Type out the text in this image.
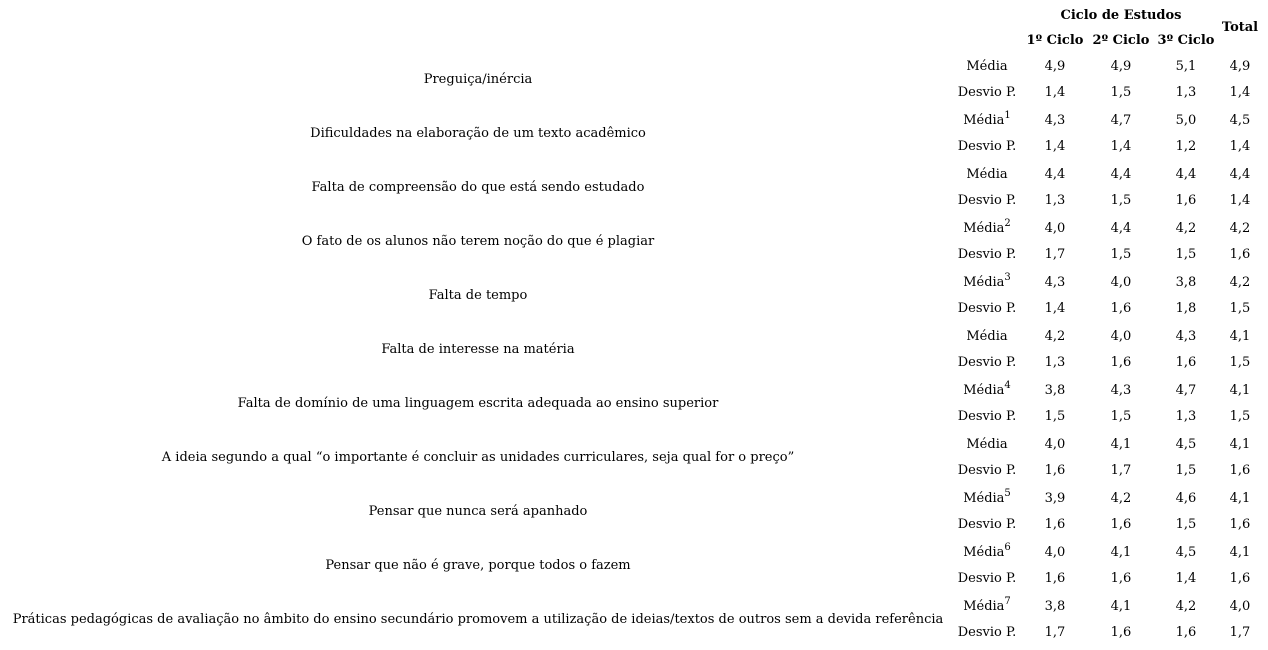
Ciclo de Estudos
1º Ciclo 2º Ciclo 3º Ciclo
Total
Preguiça/inércia
Média
Desvio P.
4,9
1,4
4,9
1,5
5,1
1,3
4,9
1,4
Dificuldades na elaboração de um texto acadêmico
Média$^1$
Desvio P.
4,3
1,4
4,7
1,4
5,0
1,2
4,5
1,4
Falta de compreensão do que está sendo estudado
Média
Desvio P.
4,4
1,3
4,4
1,5
4,4
1,6
4,4
1,4
O fato de os alunos não terem noção do que é plagiar
Média$^2$
Desvio P.
4,0
1,7
4,4
1,5
4,2
1,5
4,2
1,6
Falta de tempo
Média$^3$
Desvio P.
4,3
1,4
4,0
1,6
3,8
1,8
4,2
1,5
Falta de interesse na matéria
Média
Desvio P.
4,2
1,3
4,0
1,6
4,3
1,6
4,1
1,5
Falta de domínio de uma linguagem escrita adequada ao ensino superior
Média$^4$
Desvio P.
3,8
1,5
4,3
1,5
4,7
1,3
4,1
1,5
A ideia segundo a qual “o importante é concluir as unidades curriculares, seja qual for o preço”
Média
Desvio P.
4,0
1,6
4,1
1,7
4,5
1,5
4,1
1,6
Pensar que nunca será apanhado
Média$^5$
Desvio P.
3,9
1,6
4,2
1,6
4,6
1,5
4,1
1,6
Pensar que não é grave, porque todos o fazem
Média$^6$
Desvio P.
4,0
1,6
4,1
1,6
4,5
1,4
4,1
1,6
Práticas pedagógicas de avaliação no âmbito do ensino secundário promovem a utilização de ideias/textos de outros sem a devida referência
Média$^7$
Desvio P.
3,8
1,7
4,1
1,6
4,2
1,6
4,0
1,7
